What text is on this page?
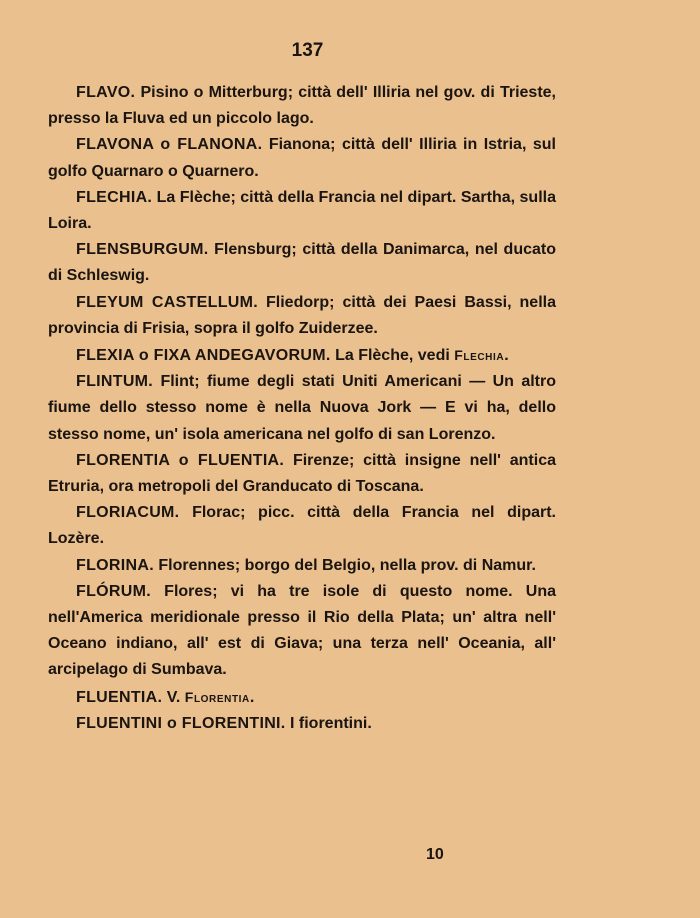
137

FLAVO. Pisino o Mitterburg; città dell' Illiria nel gov. di Trieste, presso la Fluva ed un piccolo lago.

FLAVONA o FLANONA. Fianona; città dell' Illiria in Istria, sul golfo Quarnaro o Quarnero.

FLECHIA. La Flèche; città della Francia nel dipart. Sartha, sulla Loira.

FLENSBURGUM. Flensburg; città della Danimarca, nel ducato di Schleswig.

FLEYUM CASTELLUM. Fliedorp; città dei Paesi Bassi, nella provincia di Frisia, sopra il golfo Zuiderzee.

FLEXIA o FIXA ANDEGAVORUM. La Flèche, vedi Flechia.

FLINTUM. Flint; fiume degli stati Uniti Americani — Un altro fiume dello stesso nome è nella Nuova Jork — E vi ha, dello stesso nome, un' isola americana nel golfo di san Lorenzo.

FLORENTIA o FLUENTIA. Firenze; città insigne nell' antica Etruria, ora metropoli del Granducato di Toscana.

FLORIACUM. Florac; picc. città della Francia nel dipart. Lozère.

FLORINA. Florennes; borgo del Belgio, nella prov. di Namur.

FLÓRUM. Flores; vi ha tre isole di questo nome. Una nell'America meridionale presso il Rio della Plata; un' altra nell' Oceano indiano, all' est di Giava; una terza nell' Oceania, all' arcipelago di Sumbava.

FLUENTIA. V. Florentia.

FLUENTINI o FLORENTINI. I fiorentini.

10
